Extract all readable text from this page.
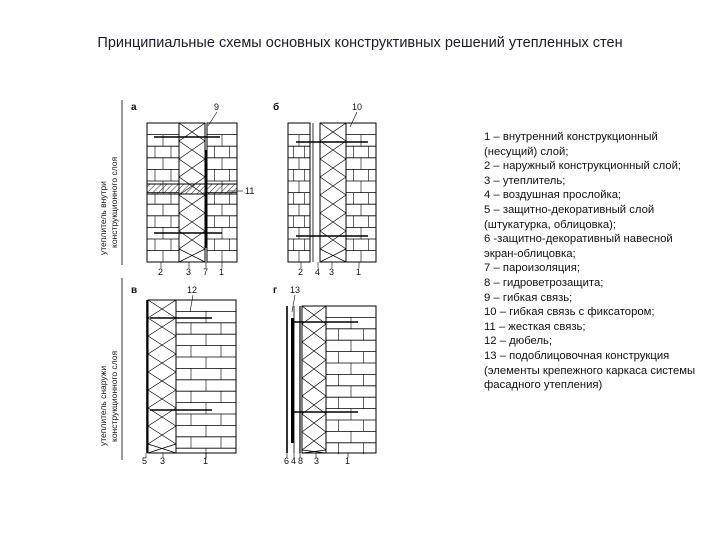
Принципиальные схемы основных конструктивных решений утепленных стен
утеплитель внутри конструкционного слоя
утеплитель снаружи конструкционного слоя
а	б
в	г
9	10
12	13
11
2	3 7 1	2 4 3 1
5 3	1	6 4 8 3	1
1 – внутренний конструкционный (несущий) слой;
2 – наружный конструкционный слой;
3 – утеплитель;
4 – воздушная прослойка;
5 – защитно-декоративный слой (штукатурка, облицовка);
6 -защитно-декоративный навесной экран-облицовка;
7 – пароизоляция;
8 – гидроветрозащита;
9 – гибкая связь;
10 – гибкая связь с фиксатором;
11 – жесткая связь;
12 – дюбель;
13 – подоблицовочная конструкция (элементы крепежного каркаса системы фасадного утепления)
